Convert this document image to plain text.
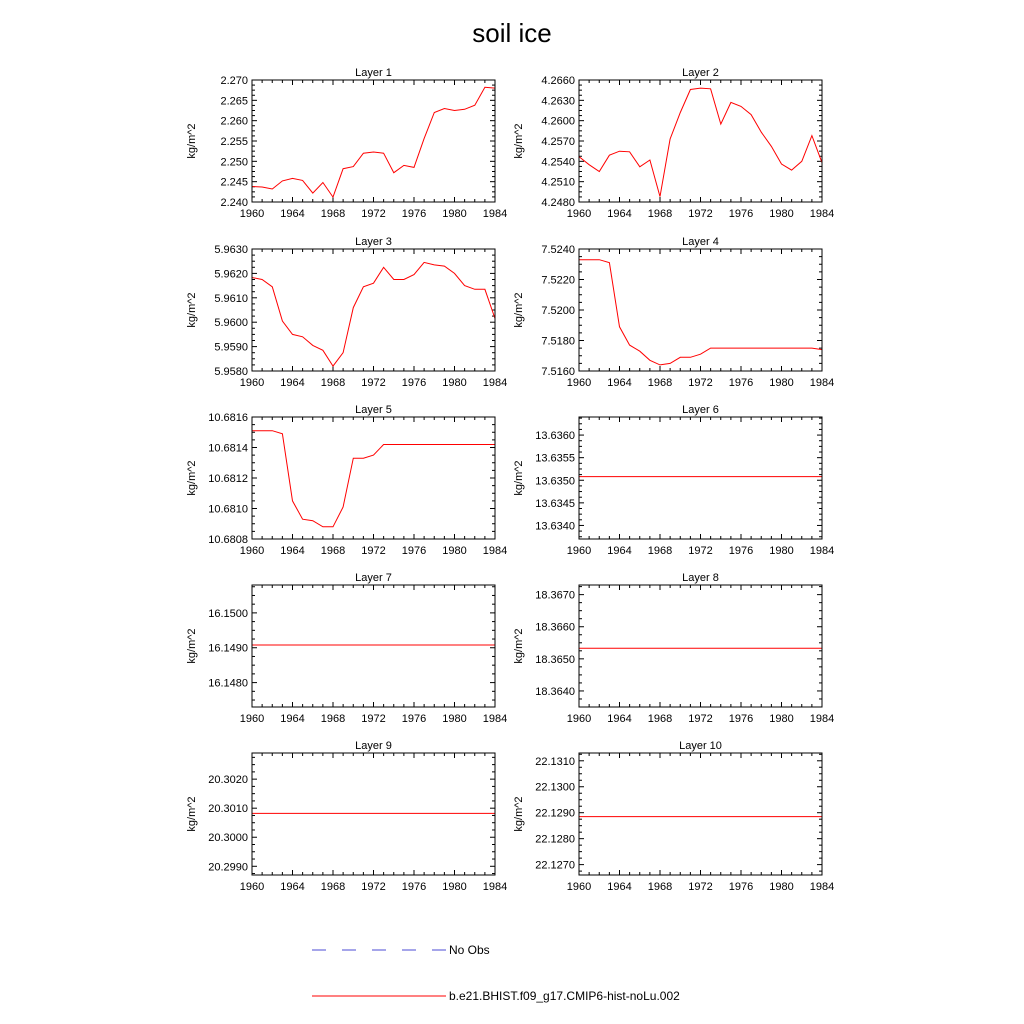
soil ice
Layer 1
kg/m^2
1960 1964 1968 1972 1976 1980 1984
2.240
2.245
2.250
2.255
2.260
2.265
2.270
Layer 2
kg/m^2
1960 1964 1968 1972 1976 1980 1984
4.2480
4.2510
4.2540
4.2570
4.2600
4.2630
4.2660
Layer 3
kg/m^2
1960 1964 1968 1972 1976 1980 1984
5.9580
5.9590
5.9600
5.9610
5.9620
5.9630
Layer 4
kg/m^2
1960 1964 1968 1972 1976 1980 1984
7.5160
7.5180
7.5200
7.5220
7.5240
Layer 5
kg/m^2
1960 1964 1968 1972 1976 1980 1984
10.6808
10.6810
10.6812
10.6814
10.6816
Layer 6
kg/m^2
1960 1964 1968 1972 1976 1980 1984
13.6340
13.6345
13.6350
13.6355
13.6360
Layer 7
kg/m^2
1960 1964 1968 1972 1976 1980 1984
16.1480
16.1490
16.1500
Layer 8
kg/m^2
1960 1964 1968 1972 1976 1980 1984
18.3640
18.3650
18.3660
18.3670
Layer 9
kg/m^2
1960 1964 1968 1972 1976 1980 1984
20.2990
20.3000
20.3010
20.3020
Layer 10
kg/m^2
1960 1964 1968 1972 1976 1980 1984
22.1270
22.1280
22.1290
22.1300
22.1310
No Obs
b.e21.BHIST.f09_g17.CMIP6-hist-noLu.002
